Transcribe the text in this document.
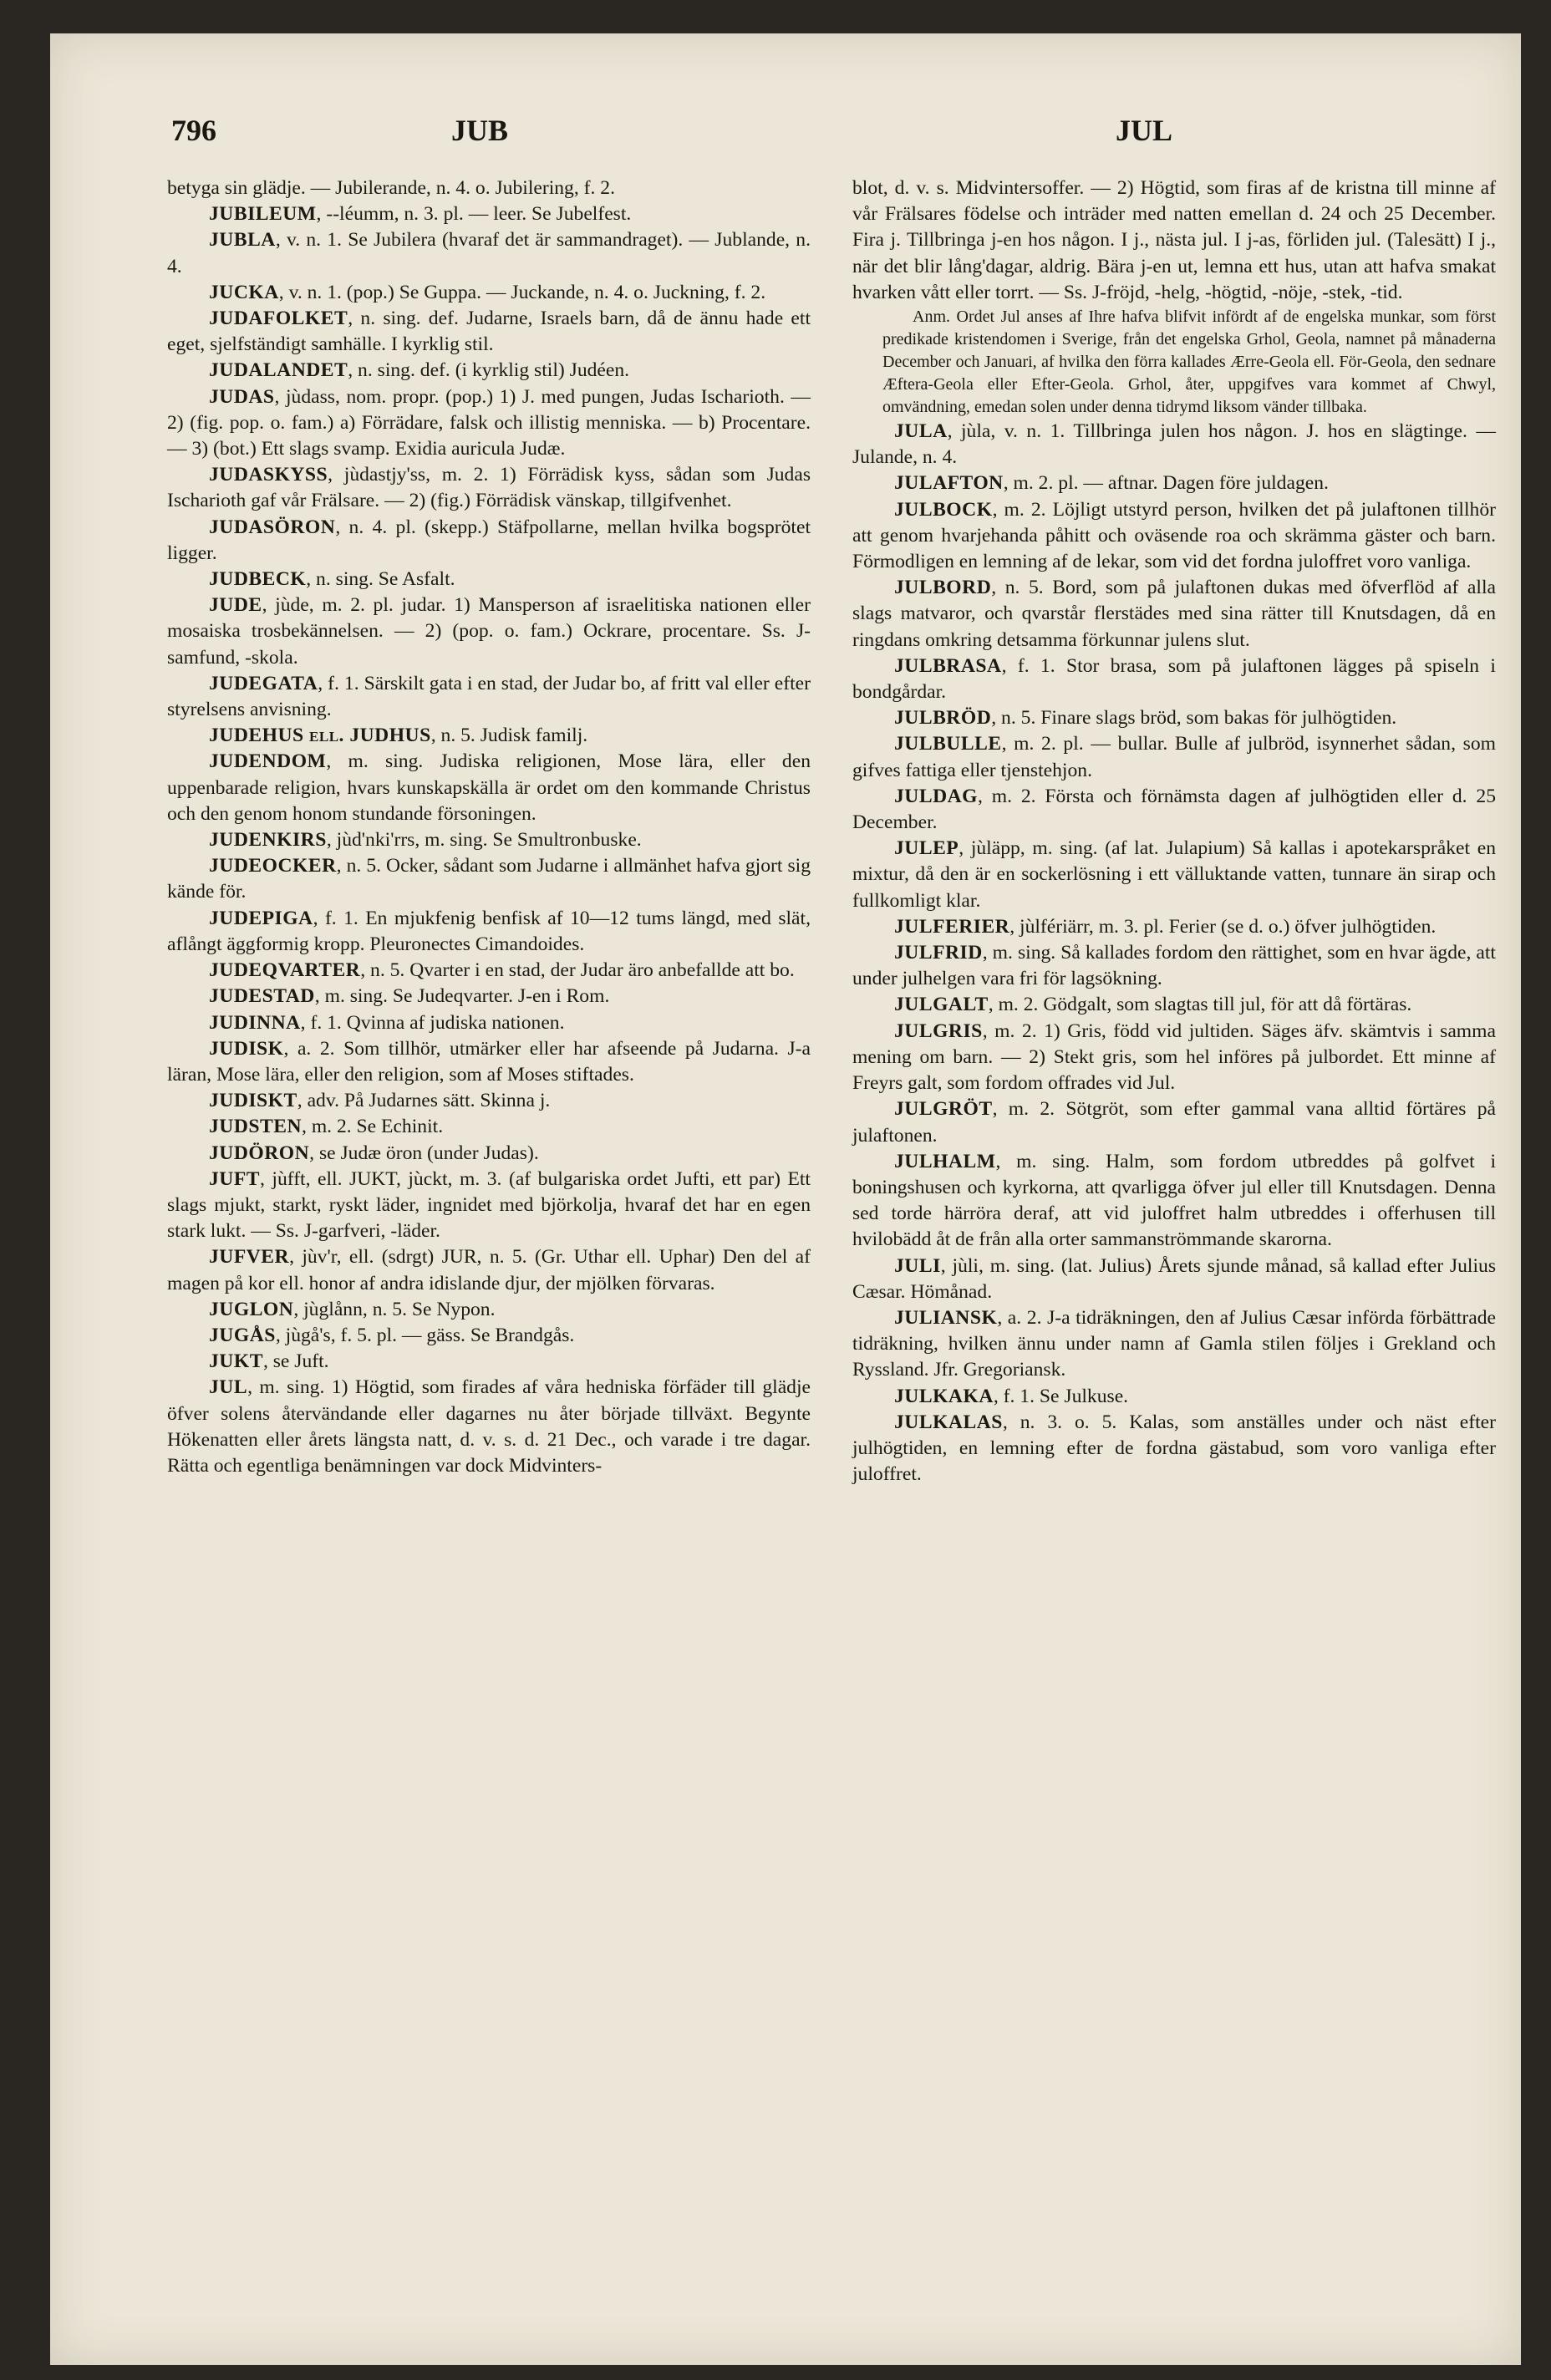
796	JUB	JUL

betyga sin glädje. — Jubilerande, n. 4. o. Jubilering, f. 2.

JUBILEUM, --léumm, n. 3. pl. — leer. Se Jubelfest.

JUBLA, v. n. 1. Se Jubilera (hvaraf det är sammandraget). — Jublande, n. 4.

JUCKA, v. n. 1. (pop.) Se Guppa. — Juckande, n. 4. o. Juckning, f. 2.

JUDAFOLKET, n. sing. def. Judarne, Israels barn, då de ännu hade ett eget, sjelfständigt samhälle. I kyrklig stil.

JUDALANDET, n. sing. def. (i kyrklig stil) Judéen.

JUDAS, jùdass, nom. propr. (pop.) 1) J. med pungen, Judas Ischarioth. — 2) (fig. pop. o. fam.) a) Förrädare, falsk och illistig menniska. — b) Procentare. — 3) (bot.) Ett slags svamp. Exidia auricula Judæ.

JUDASKYSS, jùdastjy'ss, m. 2. 1) Förrädisk kyss, sådan som Judas Ischarioth gaf vår Frälsare. — 2) (fig.) Förrädisk vänskap, tillgifvenhet.

JUDASÖRON, n. 4. pl. (skepp.) Stäfpollarne, mellan hvilka bogsprötet ligger.

JUDBECK, n. sing. Se Asfalt.

JUDE, jùde, m. 2. pl. judar. 1) Mansperson af israelitiska nationen eller mosaiska trosbekännelsen. — 2) (pop. o. fam.) Ockrare, procentare. Ss. J-samfund, -skola.

JUDEGATA, f. 1. Särskilt gata i en stad, der Judar bo, af fritt val eller efter styrelsens anvisning.

JUDEHUS ell. JUDHUS, n. 5. Judisk familj.

JUDENDOM, m. sing. Judiska religionen, Mose lära, eller den uppenbarade religion, hvars kunskapskälla är ordet om den kommande Christus och den genom honom stundande försoningen.

JUDENKIRS, jùd'nki'rrs, m. sing. Se Smultronbuske.

JUDEOCKER, n. 5. Ocker, sådant som Judarne i allmänhet hafva gjort sig kände för.

JUDEPIGA, f. 1. En mjukfenig benfisk af 10—12 tums längd, med slät, aflångt äggformig kropp. Pleuronectes Cimandoides.

JUDEQVARTER, n. 5. Qvarter i en stad, der Judar äro anbefallde att bo.

JUDESTAD, m. sing. Se Judeqvarter. J-en i Rom.

JUDINNA, f. 1. Qvinna af judiska nationen.

JUDISK, a. 2. Som tillhör, utmärker eller har afseende på Judarna. J-a läran, Mose lära, eller den religion, som af Moses stiftades.

JUDISKT, adv. På Judarnes sätt. Skinna j.

JUDSTEN, m. 2. Se Echinit.

JUDÖRON, se Judæ öron (under Judas).

JUFT, jùfft, ell. JUKT, jùckt, m. 3. (af bulgariska ordet Jufti, ett par) Ett slags mjukt, starkt, ryskt läder, ingnidet med björkolja, hvaraf det har en egen stark lukt. — Ss. J-garfveri, -läder.

JUFVER, jùv'r, ell. (sdrgt) JUR, n. 5. (Gr. Uthar ell. Uphar) Den del af magen på kor ell. honor af andra idislande djur, der mjölken förvaras.

JUGLON, jùglånn, n. 5. Se Nypon.

JUGÅS, jùgå's, f. 5. pl. — gäss. Se Brandgås.

JUKT, se Juft.

JUL, m. sing. 1) Högtid, som firades af våra hedniska förfäder till glädje öfver solens återvändande eller dagarnes nu åter började tillväxt. Begynte Hökenatten eller årets längsta natt, d. v. s. d. 21 Dec., och varade i tre dagar. Rätta och egentliga benämningen var dock Midvinters-

blot, d. v. s. Midvintersoffer. — 2) Högtid, som firas af de kristna till minne af vår Frälsares födelse och inträder med natten emellan d. 24 och 25 December. Fira j. Tillbringa j-en hos någon. I j., nästa jul. I j-as, förliden jul. (Talesätt) I j., när det blir lång'dagar, aldrig. Bära j-en ut, lemna ett hus, utan att hafva smakat hvarken vått eller torrt. — Ss. J-fröjd, -helg, -högtid, -nöje, -stek, -tid.

Anm. Ordet Jul anses af Ihre hafva blifvit infördt af de engelska munkar, som först predikade kristendomen i Sverige, från det engelska Grhol, Geola, namnet på månaderna December och Januari, af hvilka den förra kallades Ærre-Geola ell. För-Geola, den sednare Æftera-Geola eller Efter-Geola. Grhol, åter, uppgifves vara kommet af Chwyl, omvändning, emedan solen under denna tidrymd liksom vänder tillbaka.

JULA, jùla, v. n. 1. Tillbringa julen hos någon. J. hos en slägtinge. — Julande, n. 4.

JULAFTON, m. 2. pl. — aftnar. Dagen före juldagen.

JULBOCK, m. 2. Löjligt utstyrd person, hvilken det på julaftonen tillhör att genom hvarjehanda påhitt och oväsende roa och skrämma gäster och barn. Förmodligen en lemning af de lekar, som vid det fordna juloffret voro vanliga.

JULBORD, n. 5. Bord, som på julaftonen dukas med öfverflöd af alla slags matvaror, och qvarstår flerstädes med sina rätter till Knutsdagen, då en ringdans omkring detsamma förkunnar julens slut.

JULBRASA, f. 1. Stor brasa, som på julaftonen lägges på spiseln i bondgårdar.

JULBRÖD, n. 5. Finare slags bröd, som bakas för julhögtiden.

JULBULLE, m. 2. pl. — bullar. Bulle af julbröd, isynnerhet sådan, som gifves fattiga eller tjenstehjon.

JULDAG, m. 2. Första och förnämsta dagen af julhögtiden eller d. 25 December.

JULEP, jùläpp, m. sing. (af lat. Julapium) Så kallas i apotekarspråket en mixtur, då den är en sockerlösning i ett välluktande vatten, tunnare än sirap och fullkomligt klar.

JULFERIER, jùlfériärr, m. 3. pl. Ferier (se d. o.) öfver julhögtiden.

JULFRID, m. sing. Så kallades fordom den rättighet, som en hvar ägde, att under julhelgen vara fri för lagsökning.

JULGALT, m. 2. Gödgalt, som slagtas till jul, för att då förtäras.

JULGRIS, m. 2. 1) Gris, född vid jultiden. Säges äfv. skämtvis i samma mening om barn. — 2) Stekt gris, som hel införes på julbordet. Ett minne af Freyrs galt, som fordom offrades vid Jul.

JULGRÖT, m. 2. Sötgröt, som efter gammal vana alltid förtäres på julaftonen.

JULHALM, m. sing. Halm, som fordom utbreddes på golfvet i boningshusen och kyrkorna, att qvarligga öfver jul eller till Knutsdagen. Denna sed torde härröra deraf, att vid juloffret halm utbreddes i offerhusen till hvilobädd åt de från alla orter sammanströmmande skarorna.

JULI, jùli, m. sing. (lat. Julius) Årets sjunde månad, så kallad efter Julius Cæsar. Hömånad.

JULIANSK, a. 2. J-a tidräkningen, den af Julius Cæsar införda förbättrade tidräkning, hvilken ännu under namn af Gamla stilen följes i Grekland och Ryssland. Jfr. Gregoriansk.

JULKAKA, f. 1. Se Julkuse.

JULKALAS, n. 3. o. 5. Kalas, som anställes under och näst efter julhögtiden, en lemning efter de fordna gästabud, som voro vanliga efter juloffret.
